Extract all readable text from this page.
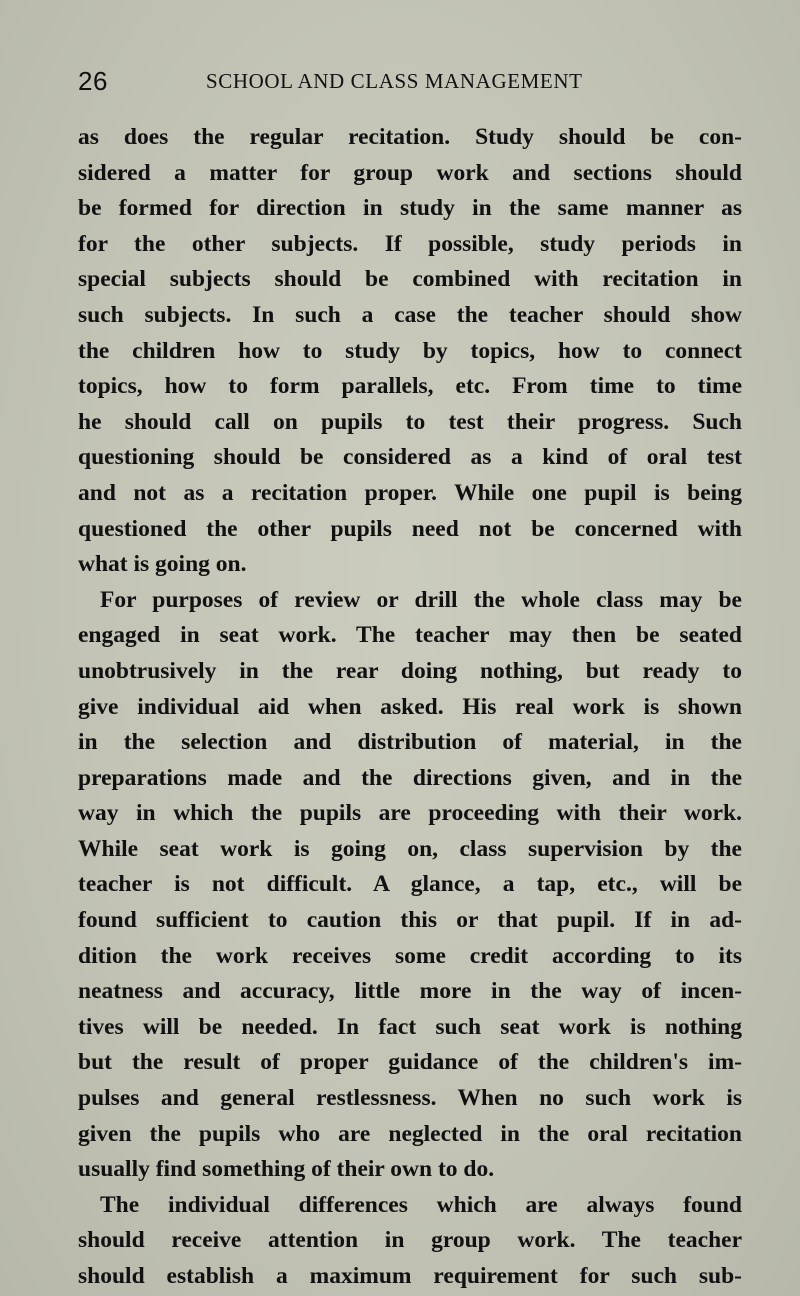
26	SCHOOL AND CLASS MANAGEMENT
as does the regular recitation. Study should be con-
sidered a matter for group work and sections should
be formed for direction in study in the same manner as
for the other subjects. If possible, study periods in
special subjects should be combined with recitation in
such subjects. In such a case the teacher should show
the children how to study by topics, how to connect
topics, how to form parallels, etc. From time to time
he should call on pupils to test their progress. Such
questioning should be considered as a kind of oral test
and not as a recitation proper. While one pupil is being
questioned the other pupils need not be concerned with
what is going on.
For purposes of review or drill the whole class may be
engaged in seat work. The teacher may then be seated
unobtrusively in the rear doing nothing, but ready to
give individual aid when asked. His real work is shown
in the selection and distribution of material, in the
preparations made and the directions given, and in the
way in which the pupils are proceeding with their work.
While seat work is going on, class supervision by the
teacher is not difficult. A glance, a tap, etc., will be
found sufficient to caution this or that pupil. If in ad-
dition the work receives some credit according to its
neatness and accuracy, little more in the way of incen-
tives will be needed. In fact such seat work is nothing
but the result of proper guidance of the children's im-
pulses and general restlessness. When no such work is
given the pupils who are neglected in the oral recitation
usually find something of their own to do.
The individual differences which are always found
should receive attention in group work. The teacher
should establish a maximum requirement for such sub-
